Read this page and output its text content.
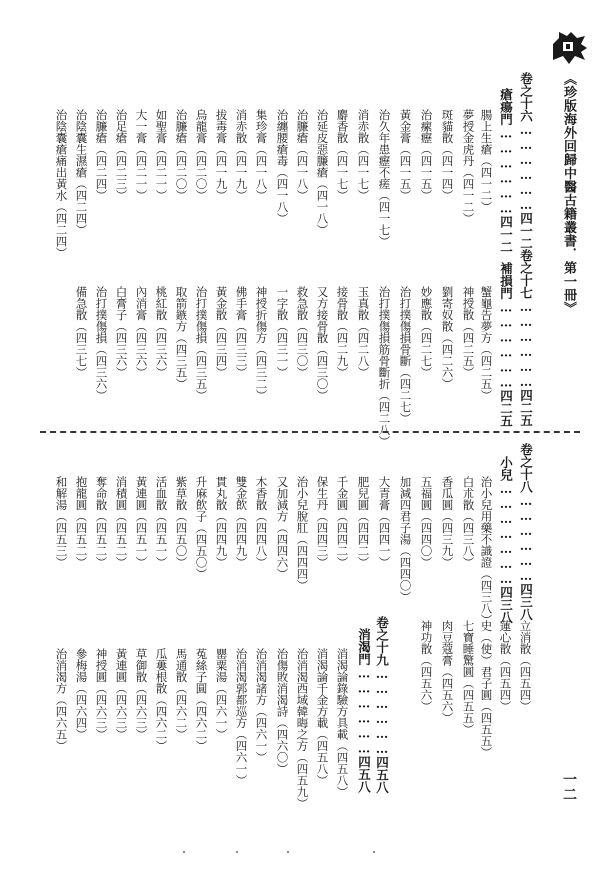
《珍版海外回歸中醫古籍叢書．第一冊》
一二
卷之十六………………四一二
卷之十七………………四二五
卷之十八………………四三八
卷之十九………………四五八
瘡瘍門………………四一二
補損門………………四二五
小兒…………………四三八
消渴門………………四五八
腸上生瘡（四一二）
夢授金虎丹（四一二）
斑貓散（四一四）
治瘰癧（四一五）
黃金膏（四一五）
治久年患癧不瘥（四一七）
消赤散（四一七）
麝香散（四一七）
治延皮惡臁瘡（四一八）
治臁瘡（四一八）
治纏腰瘡毒（四一八）
集珍膏（四一八）
消赤散（四一九）
拔毒膏（四一九）
烏龍膏（四二〇）
治臁瘡（四二〇）
如聖膏（四二一）
大一膏（四二一）
治足瘡（四二三）
治臁瘡（四二四）
治陰囊生濕瘡（四二四）
治陰囊瘡痛出黃水（四二四）
蟹龜告夢方（四二五）
神授散（四二五）
劉寄奴散（四二六）
妙應散（四二七）
治打撲傷損骨斷（四二七）
治打撲傷損筋骨斷折（四二八）
玉真散（四二八）
接骨散（四二九）
又方接骨散（四三〇）
救急散（四三〇）
一字散（四三一）
神授折傷方（四三二）
佛手膏（四三三）
黃金散（四三四）
治打撲傷損（四三五）
取箭鏃方（四三五）
桃紅散（四三六）
內消膏（四三六）
白膏子（四三六）
治打撲傷損（四三六）
備急散（四三七）
治小兒用藥不識證（四三八）
白朮散（四三八）
香瓜圓（四三九）
五福圓（四四〇）
加減四君子湯（四四〇）
大青膏（四四一）
肥兒圓（四四二）
千金圓（四四二）
保生丹（四四三）
治小兒脫肛（四四四）
又加減方（四四六）
木香散（四四八）
雙金飲（四四九）
貫丸散（四四九）
升麻飲子（四五〇）
紫草散（四五〇）
活血散（四五一）
黃連圓（四五一）
消積圓（四五二）
奪命散（四五二）
抱龍圓（四五二）
和解湯（四五三）
神功散（四五六） 肉豆蔻膏（四五六） 七寶睡驚圓（四五五） 史（使）君子圓（四五五） 蓮心散（四五四） 立消散（四五四）
消渴論錄驗方具載（四五八）
消渴論千金方載（四五八）
治消渴西域韓晦之方（四五九）
治傷敗消渴詩（四六〇）
治消渴諸方（四六一）
治消渴郭都巡方（四六一）
罌粟湯（四六一）
菟絲子圓（四六二）
馬通散（四六二）
瓜蔞根散（四六二）
草御散（四六三）
黃連圓（四六三）
神授圓（四六三）
參梅湯（四六四）
治消渴方（四六五）
